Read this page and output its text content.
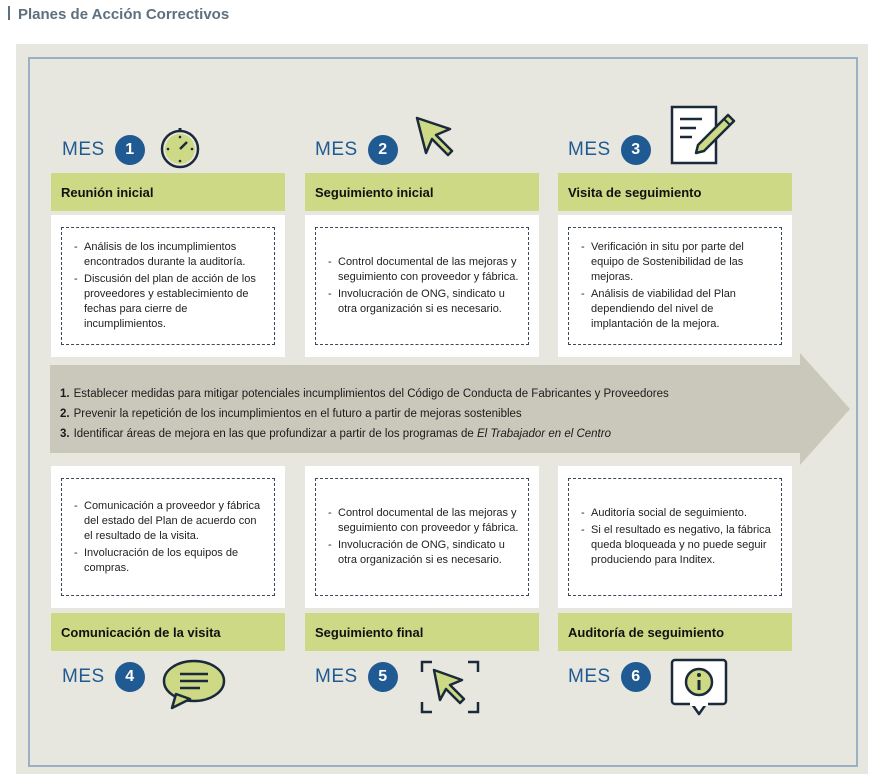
Planes de Acción Correctivos
1. Establecer medidas para mitigar potenciales incumplimientos del Código de Conducta de Fabricantes y Proveedores
2. Prevenir la repetición de los incumplimientos en el futuro a partir de mejoras sostenibles
3. Identificar áreas de mejora en las que profundizar a partir de los programas de El Trabajador en el Centro
MES	1
Reunión inicial
- Análisis de los incumplimientos encontrados durante la auditoría.
- Discusión del plan de acción de los proveedores y establecimiento de fechas para cierre de incumplimientos.
MES	2
Seguimiento inicial
- Control documental de las mejoras y seguimiento con proveedor y fábrica.
- Involucración de ONG, sindicato u otra organización si es necesario.
MES	3
Visita de seguimiento
- Verificación in situ por parte del equipo de Sostenibilidad de las mejoras.
- Análisis de viabilidad del Plan dependiendo del nivel de implantación de la mejora.
- Comunicación a proveedor y fábrica del estado del Plan de acuerdo con el resultado de la visita.
- Involucración de los equipos de compras.
Comunicación de la visita
MES	4
- Control documental de las mejoras y seguimiento con proveedor y fábrica.
- Involucración de ONG, sindicato u otra organización si es necesario.
Seguimiento final
MES	5
- Auditoría social de seguimiento.
- Si el resultado es negativo, la fábrica queda bloqueada y no puede seguir produciendo para Inditex.
Auditoría de seguimiento
MES	6
